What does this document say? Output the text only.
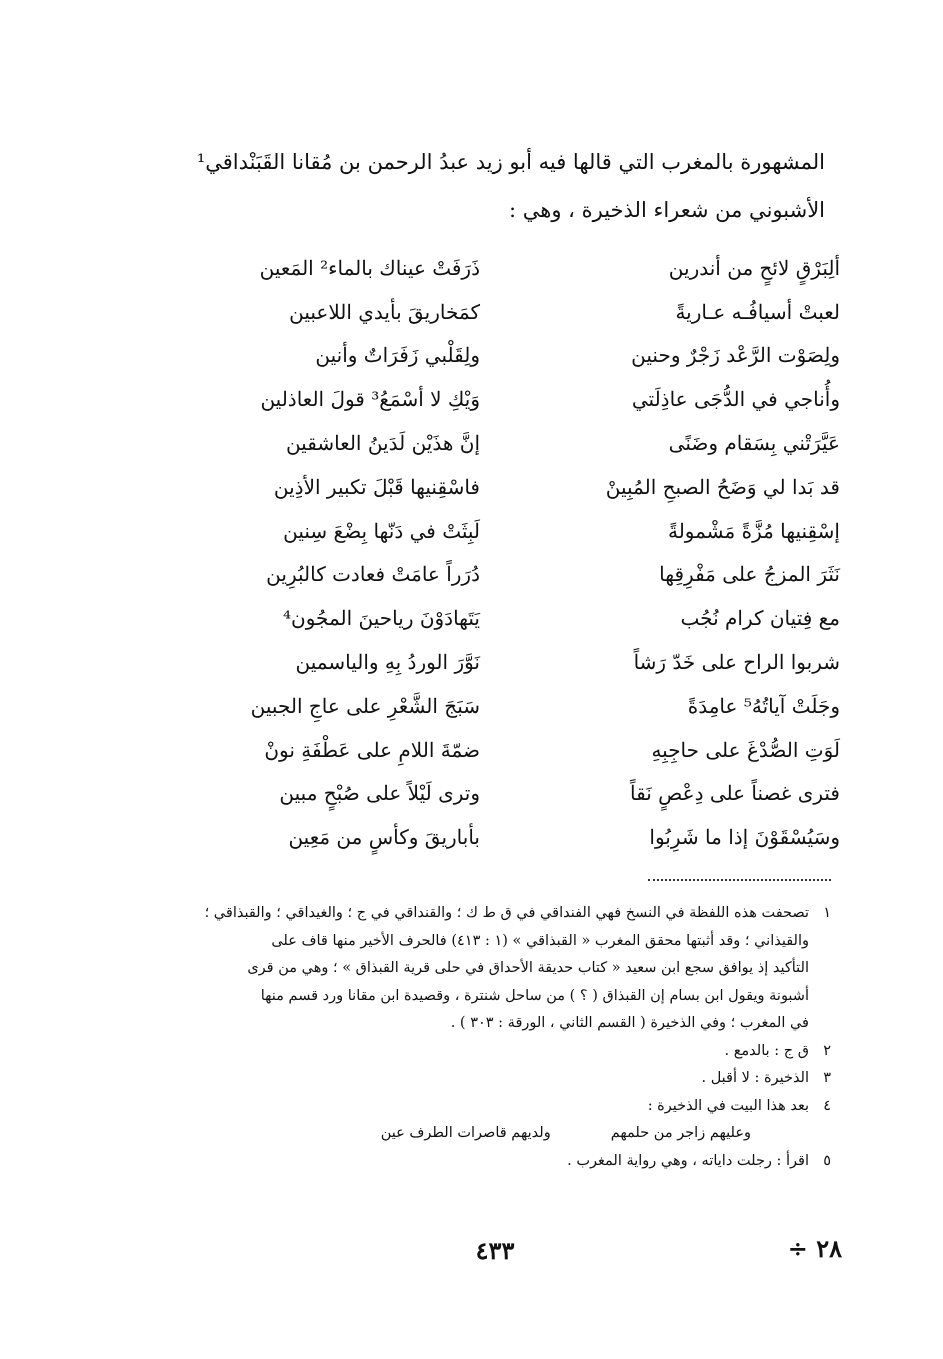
المشهورة بالمغرب التي قالها فيه أبو زيد عبدُ الرحمن بن مُقانا القَبَنْداقي¹
الأشبوني من شعراء الذخيرة ، وهي :
ألِبَرْقٍ لائحٍ من أندرين
ذَرَفَتْ عيناك بالماء² المَعين
لعبتْ أسيافُـه عـاريةً
كمَخاريقَ بأيدي اللاعبين
ولِصَوْت الرَّعْد زَجْرٌ وحنين
ولِقَلْبي زَفَرَاتٌ وأنين
وأُناجي في الدُّجَى عاذِلَتي
وَيْكِ لا أسْمَعُ³ قولَ العاذلين
عَيَّرَتْني بِسَقام وضَنًى
إنَّ هذَيْن لَدَينُ العاشقين
قد بَدا لي وَضَحُ الصبحِ المُبِينْ
فاسْقِنيها قَبْلَ تكبير الأذِين
إسْقِنيها مُزَّةً مَشْمولةً
لَبِثَتْ في دَنّها بِضْعَ سِنين
نَثَرَ المزجُ على مَفْرِقِها
دُرَراً عامَتْ فعادت كالبُرِين
مع فِتيان كرام نُجُب
يَتَهادَوْنَ رياحينَ المجُون⁴
شربوا الراح على خَدّ رَشاً
نَوَّرَ الوردُ بِهِ والياسمين
وجَلَتْ آياتُهُ⁵ عامِدَةً
سَبَجَ الشَّعْرِ على عاجِ الجبين
لَوَتِ الصُّدْغَ على حاجِبِهِ
ضمّةَ اللامِ على عَطْفَةِ نونْ
فترى غصناً على دِعْصٍ نَقاً
وترى لَيْلاً على صُبْحٍ مبين
وسَيُسْقَوْنَ إذا ما شَرِبُوا
بأباريقَ وكأسٍ من مَعِين
١
تصحفت هذه اللفظة في النسخ فهي الفنداقي في ق ط ك ؛ والقنداقي في ج ؛ والغيداقي ؛ والقبذاقي ؛
والقيذاني ؛ وقد أثبتها محقق المغرب « القبذاقي » (١ : ٤١٣) فالحرف الأخير منها قاف على
التأكيد إذ يوافق سجع ابن سعيد « كتاب حديقة الأحداق في حلى قرية القبذاق » ؛ وهي من قرى
أشبونة ويقول ابن بسام إن القبذاق ( ؟ ) من ساحل شنترة ، وقصيدة ابن مقانا ورد قسم منها
في المغرب ؛ وفي الذخيرة ( القسم الثاني ، الورقة : ٣٠٣ ) .
٢
ق ج : بالدمع .
٣
الذخيرة : لا أقبل .
٤
بعد هذا البيت في الذخيرة :
وعليهم زاجر من حلمهم
ولديهم قاصرات الطرف عين
٥
اقرأ : رجلت داياته ، وهي رواية المغرب .
٤٣٣	٢٨ ÷
